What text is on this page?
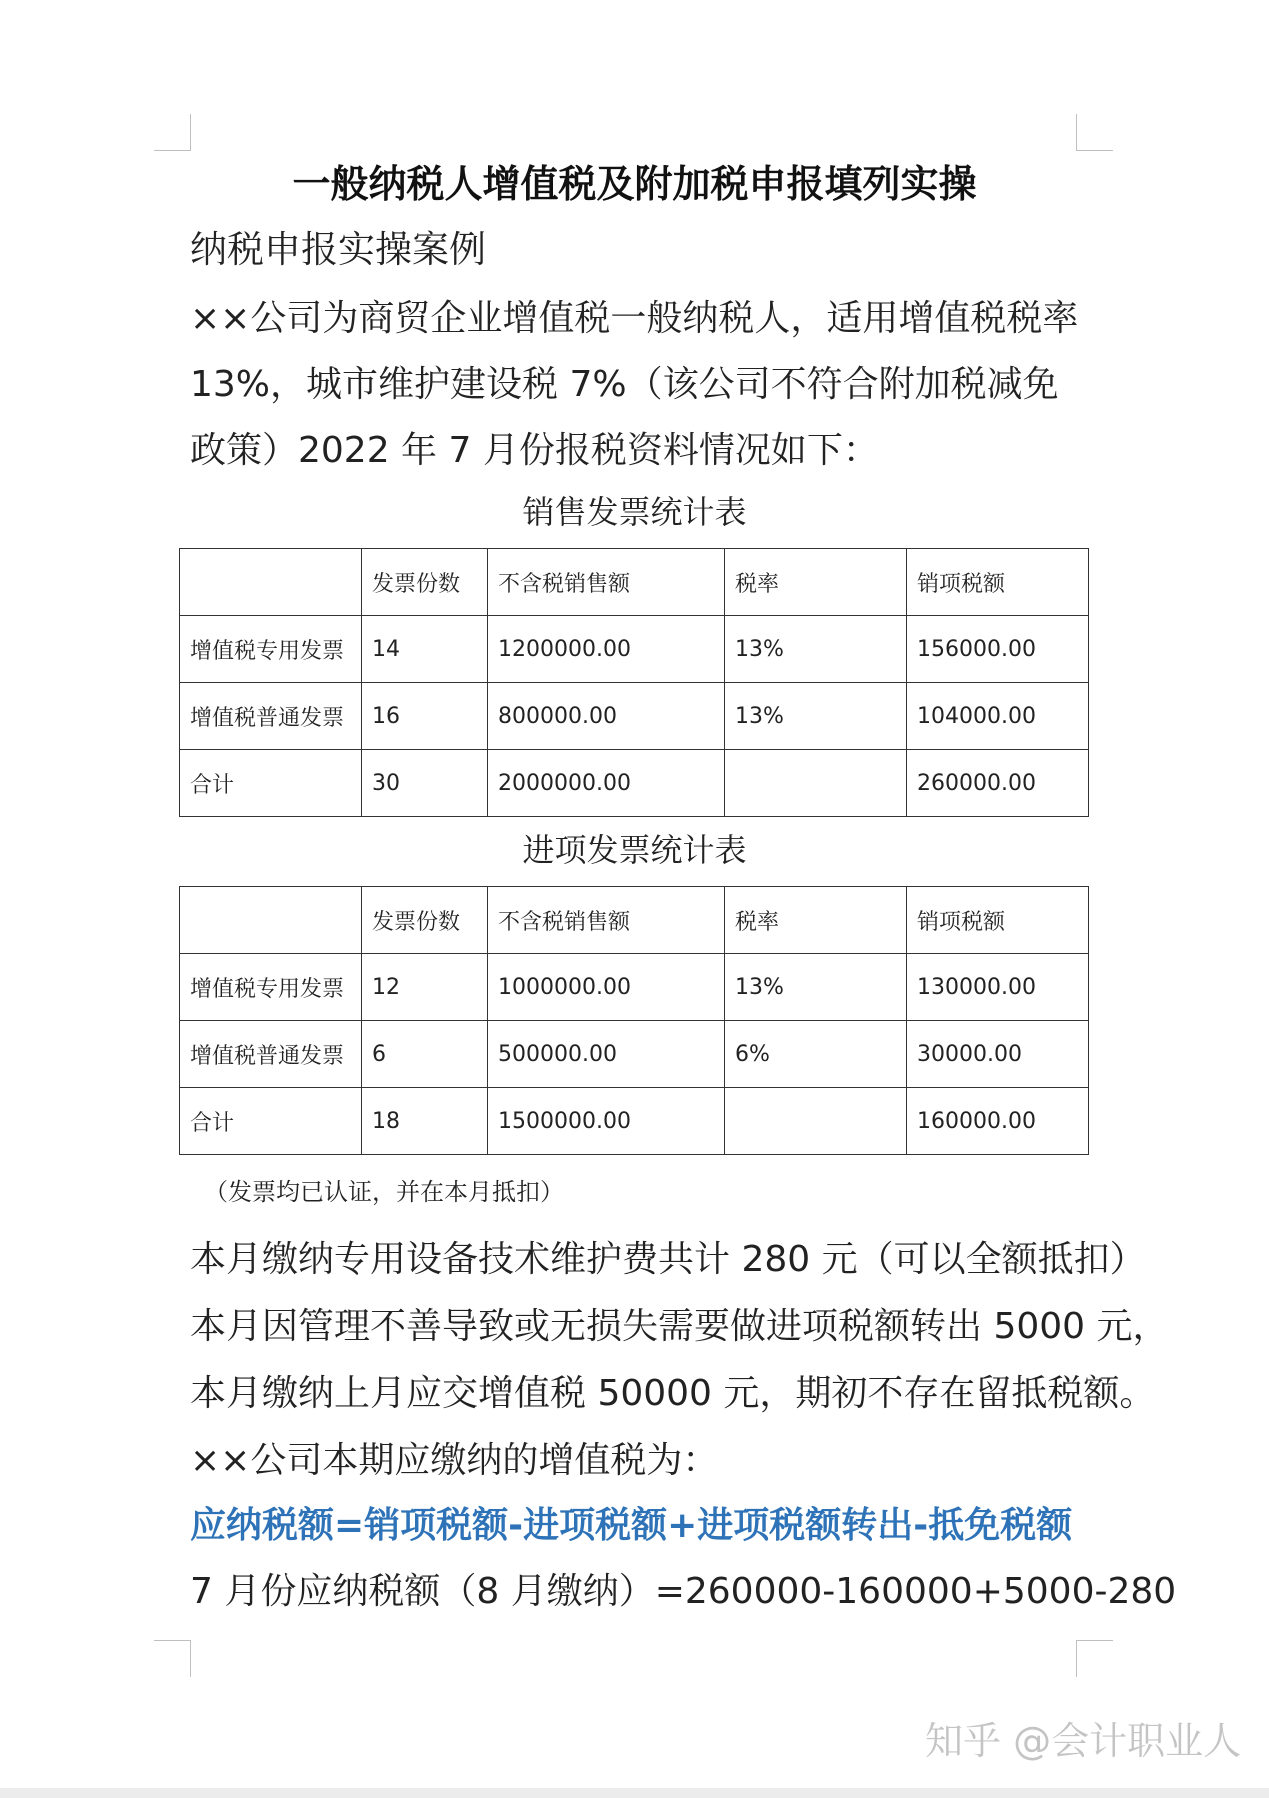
一般纳税人增值税及附加税申报填列实操
纳税申报实操案例
××公司为商贸企业增值税一般纳税人，适用增值税税率 13%，城市维护建设税 7%（该公司不符合附加税减免政策）2022 年 7 月份报税资料情况如下：
销售发票统计表
	发票份数	不含税销售额	税率	销项税额
增值税专用发票	14	1200000.00	13%	156000.00
增值税普通发票	16	800000.00	13%	104000.00
合计	30	2000000.00		260000.00
进项发票统计表
	发票份数	不含税销售额	税率	销项税额
增值税专用发票	12	1000000.00	13%	130000.00
增值税普通发票	6	500000.00	6%	30000.00
合计	18	1500000.00		160000.00
（发票均已认证，并在本月抵扣）
本月缴纳专用设备技术维护费共计 280 元（可以全额抵扣）
本月因管理不善导致或无损失需要做进项税额转出 5000 元，
本月缴纳上月应交增值税 50000 元，期初不存在留抵税额。
××公司本期应缴纳的增值税为：
应纳税额=销项税额-进项税额+进项税额转出-抵免税额
7 月份应纳税额（8 月缴纳）=260000-160000+5000-280
知乎 @会计职业人
